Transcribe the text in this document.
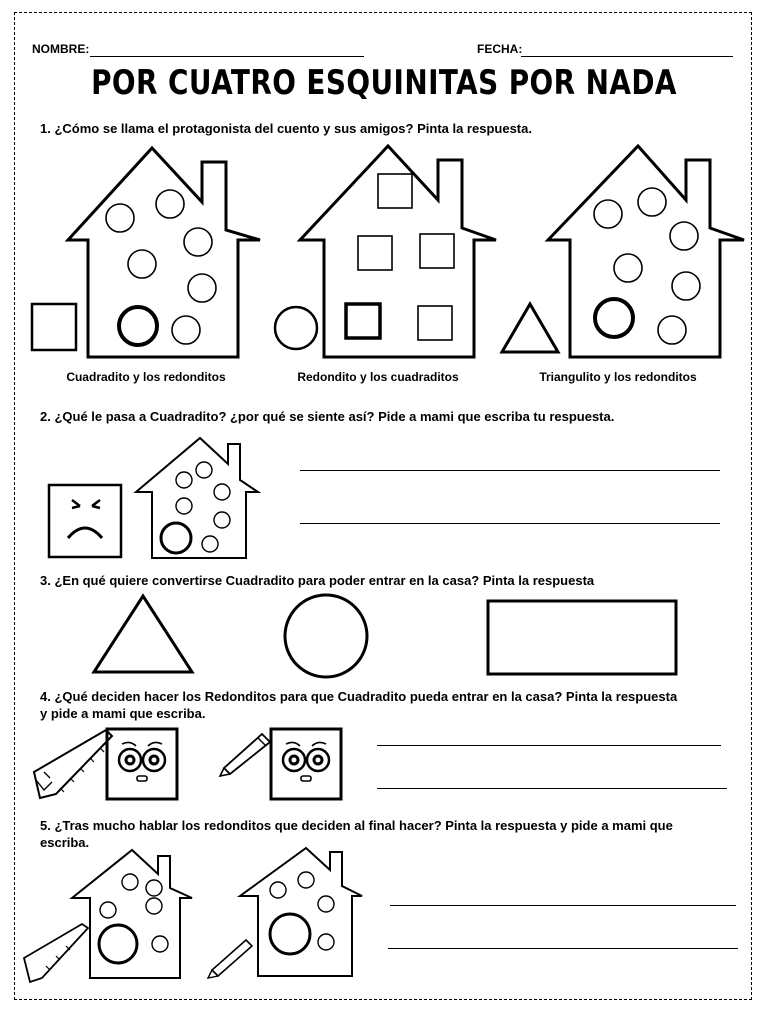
NOMBRE:	FECHA:
POR CUATRO ESQUINITAS POR NADA
1. ¿Cómo se llama el protagonista del cuento y sus amigos? Pinta la respuesta.
Cuadradito y los redonditos	Redondito y los cuadraditos	Triangulito y los redonditos
2. ¿Qué le pasa a Cuadradito? ¿por qué se siente así? Pide a mami que escriba tu respuesta.
3. ¿En qué quiere convertirse Cuadradito para poder entrar en la casa? Pinta la respuesta
4. ¿Qué deciden hacer los Redonditos para que Cuadradito pueda entrar en la casa? Pinta la respuesta
y pide a mami que escriba.
5. ¿Tras mucho hablar los redonditos que deciden al final hacer? Pinta la respuesta y pide a mami que
escriba.
